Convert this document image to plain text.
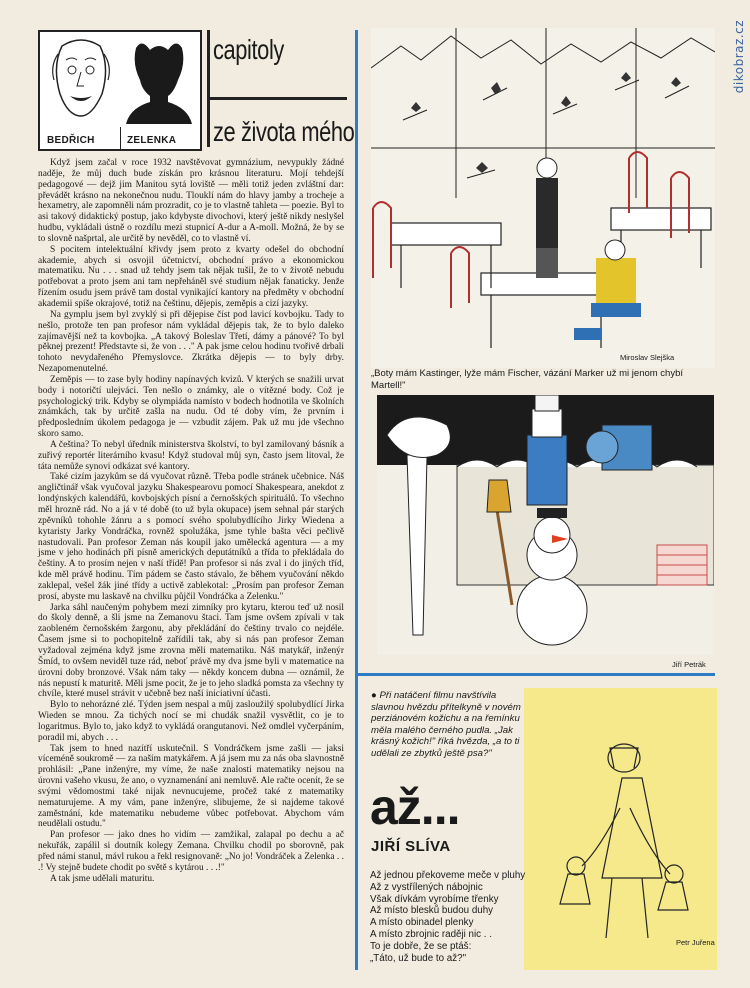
dikobraz.cz
BEDŘICH	ZELENKA
capitoly
ze života mého

Když jsem začal v roce 1932 navštěvovat gymnázium, nevypukly žádné naděje, že můj duch bude získán pro krásnou literaturu. Mojí tehdejší pedagogové — dejž jim Manitou sytá loviště — měli totiž jeden zvláštní dar: převádět krásno na nekonečnou nudu. Tlouklí nám do hlavy jamby a trocheje a hexametry, ale zapomněli nám prozradit, co je to vlastně tahleta — poezie. Byl to asi takový didaktický postup, jako kdybyste divochovi, který ještě nikdy neslyšel hudbu, vykládali ústně o rozdílu mezi stupnicí A-dur a A-moll. Možná, že by se to slovně našprtal, ale určitě by nevěděl, co to vlastně ví.

S pocitem intelektuální křivdy jsem proto z kvarty odešel do obchodní akademie, abych si osvojil účetnictví, obchodní právo a ekonomickou matematiku. Nu . . . snad už tehdy jsem tak nějak tušil, že to v životě nebudu potřebovat a proto jsem ani tam nepřeháněl své studium nějak fanaticky. Jenže řízením osudu jsem právě tam dostal vynikající kantory na předměty v obchodní akademii spíše okrajové, totiž na češtinu, dějepis, zeměpis a cizí jazyky.

Na gymplu jsem byl zvyklý si při dějepise číst pod lavicí kovbojku. Tady to nešlo, protože ten pan profesor nám vykládal dějepis tak, že to bylo daleko zajímavější než ta kovbojka. „A takový Boleslav Třetí, dámy a pánové? To byl pěknej prezent! Představte si, že von . . ." A pak jsme celou hodinu tvořivě drbali tohoto nevydařeného Přemyslovce. Zkrátka dějepis — to byly drby. Nezapomenutelné.

Zeměpis — to zase byly hodiny napínavých kvizů. V kterých se snažili urvat body i notoričtí ulejváci. Ten nešlo o známky, ale o vítězné body. Což je psychologický trik. Kdyby se olympiáda namísto v bodech hodnotila ve školních známkách, tak by určitě zašla na nudu. Od té doby vím, že prvním i předposledním úkolem pedagoga je — vzbudit zájem. Pak už mu jde všechno skoro samo.

A čeština? To nebyl úředník ministerstva školství, to byl zamilovaný básník a zuřivý reportér literárního kvasu! Když studoval můj syn, často jsem litoval, že táta nemůže synovi odkázat své kantory.

Také cizím jazykům se dá vyučovat různě. Třeba podle stránek učebnice. Náš angličtinář však vyučoval jazyku Shakespearovu pomocí Shakespeara, anekdot z londýnských kalendářů, kovbojských písní a černošských spirituálů. To všechno měl hrozně rád. No a já v té době (to už byla okupace) jsem sehnal pár starých zpěvníků tohohle žánru a s pomocí svého spolubydlícího Jirky Wiedena a kytaristy Jarky Vondráčka, rovněž spolužáka, jsme tyhle bašta věci pečlivě nastudovali. Pan profesor Zeman nás koupil jako umělecká agentura — a my jsme v jeho hodinách při písně amerických deputátníků a třída to překládala do češtiny. A to prosím nejen v naší třídě! Pan profesor si nás zval i do jiných tříd, kde měl právě hodinu. Tím pádem se často stávalo, že během vyučování někdo zaklepal, vešel žák jiné třídy a uctivě zablekotal: „Prosím pan profesor Zeman prosí, abyste mu laskavě na chvilku půjčil Vondráčka a Zelenku."

Jarka sáhl naučeným pohybem mezi zimníky pro kytaru, kterou teď už nosil do školy denně, a šli jsme na Zemanovu štaci. Tam jsme ovšem zpívali v tak zaobleném černošském žargonu, aby překládání do češtiny trvalo co nejdéle. Časem jsme si to pochopitelně zařídili tak, aby si nás pan profesor Zeman vyžadoval zejména když jsme zrovna měli matematiku. Náš matykář, inženýr Šmíd, to ovšem neviděl tuze rád, neboť právě my dva jsme byli v matematice na úrovni doby bronzové. Však nám taky — někdy koncem dubna — oznámil, že nás nepustí k maturitě. Měli jsme pocit, že je to jeho sladká pomsta za všechny ty chvíle, které musel strávit v učebně bez naší iniciativní účasti.

Bylo to nehorázné zlé. Týden jsem nespal a můj zasloužilý spolubydlící Jirka Wieden se mnou. Za tichých nocí se mi chudák snažil vysvětlit, co je to logaritmus. Bylo to, jako když to vykládá orangutanovi. Než omdlel vyčerpáním, poradil mi, abych . . .

Tak jsem to hned nazítří uskutečnil. S Vondráčkem jsme zašli — jaksi víceméně soukromě — za naším matykářem. A já jsem mu za nás oba slavnostně prohlásil: „Pane inženýre, my víme, že naše znalosti matematiky nejsou na úrovni vašeho vkusu, že ano, o vyznamenání ani nemluvě. Ale račte ocenit, že se svými vědomostmi také nijak nevnucujeme, pročež také z matematiky nematurujeme. A my vám, pane inženýre, slibujeme, že si najdeme takové zaměstnání, kde matematiku nebudeme vůbec potřebovat. Abychom vám neudělali ostudu."

Pan profesor — jako dnes ho vidím — zamžikal, zalapal po dechu a ač nekuřák, zapálil si doutník kolegy Zemana. Chvilku chodil po sborovně, pak před námi stanul, mávl rukou a řekl resignovaně: „No jo! Vondráček a Zelenka . . .! Vy stejně budete chodit po světě s kytárou . . .!"

A tak jsme udělali maturitu.

Miroslav Slejška
„Boty mám Kastinger, lyže mám Fischer, vázání Marker už mi jenom chybí Martell!"
Jiří Petrák
● Při natáčení filmu navštívila slavnou hvězdu přítelkyně v novém perziánovém kožichu a na řemínku měla malého černého pudla. „Jak krásný kožich!" říká hvězda, „a to ti udělali ze zbytků ještě psa?"
až...
JIŘÍ SLÍVA
Až jednou překoveme meče v pluhy
Až z vystřílených nábojnic
Však dívkám vyrobíme třenky
Až místo blesků budou duhy
A místo obinadel plenky
A místo zbrojnic raději nic . .
To je dobře, že se ptáš:
„Táto, už bude to až?"
Petr Juřena
